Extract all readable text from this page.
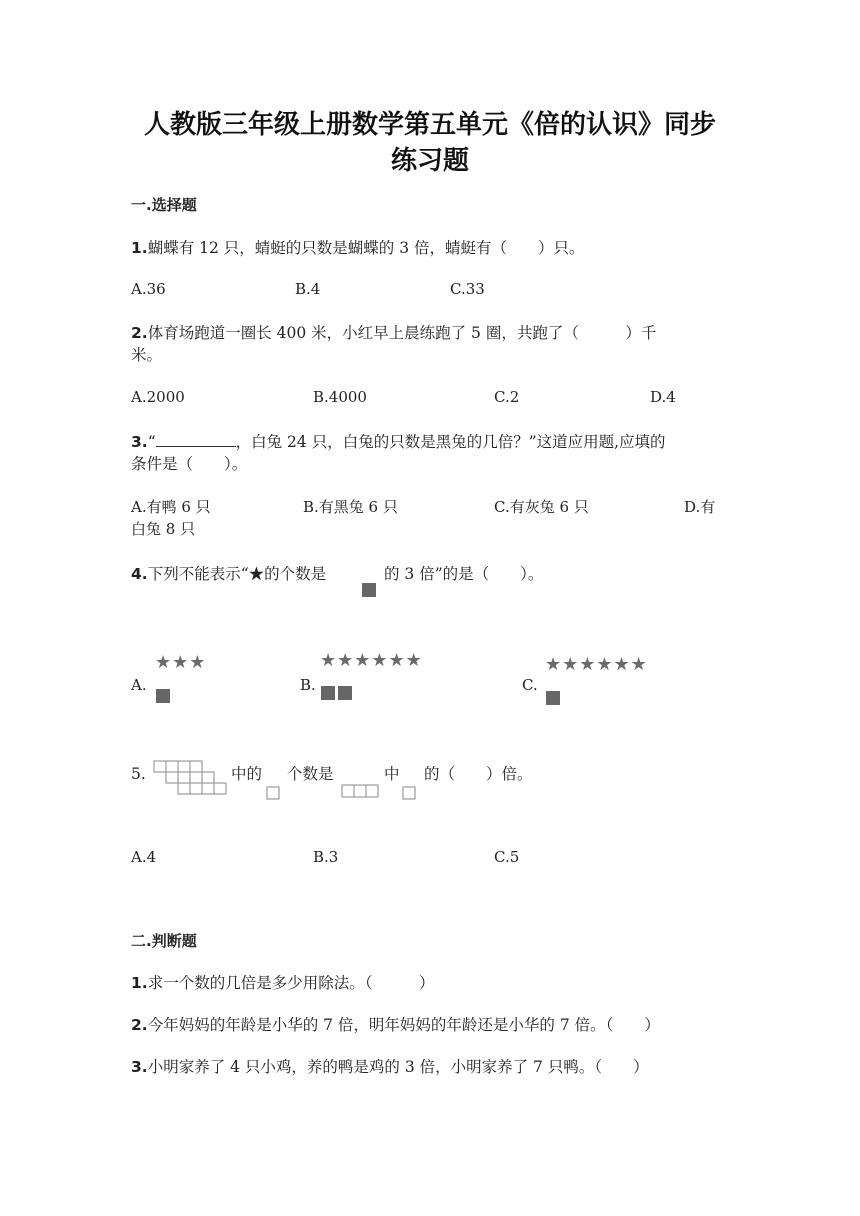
人教版三年级上册数学第五单元《倍的认识》同步
练习题
一.选择题
1.蝴蝶有 12 只，蜻蜓的只数是蝴蝶的 3 倍，蜻蜓有（　　）只。
A.36	B.4	C.33
2.体育场跑道一圈长 400 米，小红早上晨练跑了 5 圈，共跑了（　　　）千
米。
A.2000	B.4000	C.2	D.4
3.“	，白兔 24 只，白兔的只数是黑兔的几倍？”这道应用题,应填的
条件是（　　）。
A.有鸭 6 只	B.有黑兔 6 只	C.有灰兔 6 只	D.有
白兔 8 只
4.下列不能表示“★的个数是	的 3 倍”的是（　　）。
A.
★★★
B.
★★★★★★
C.
★★★★★★
5.	中的 个数是	中 的（　　）倍。
A.4	B.3	C.5
二.判断题
1.求一个数的几倍是多少用除法。（　　　）
2.今年妈妈的年龄是小华的 7 倍，明年妈妈的年龄还是小华的 7 倍。（　　）
3.小明家养了 4 只小鸡，养的鸭是鸡的 3 倍，小明家养了 7 只鸭。（　　）
